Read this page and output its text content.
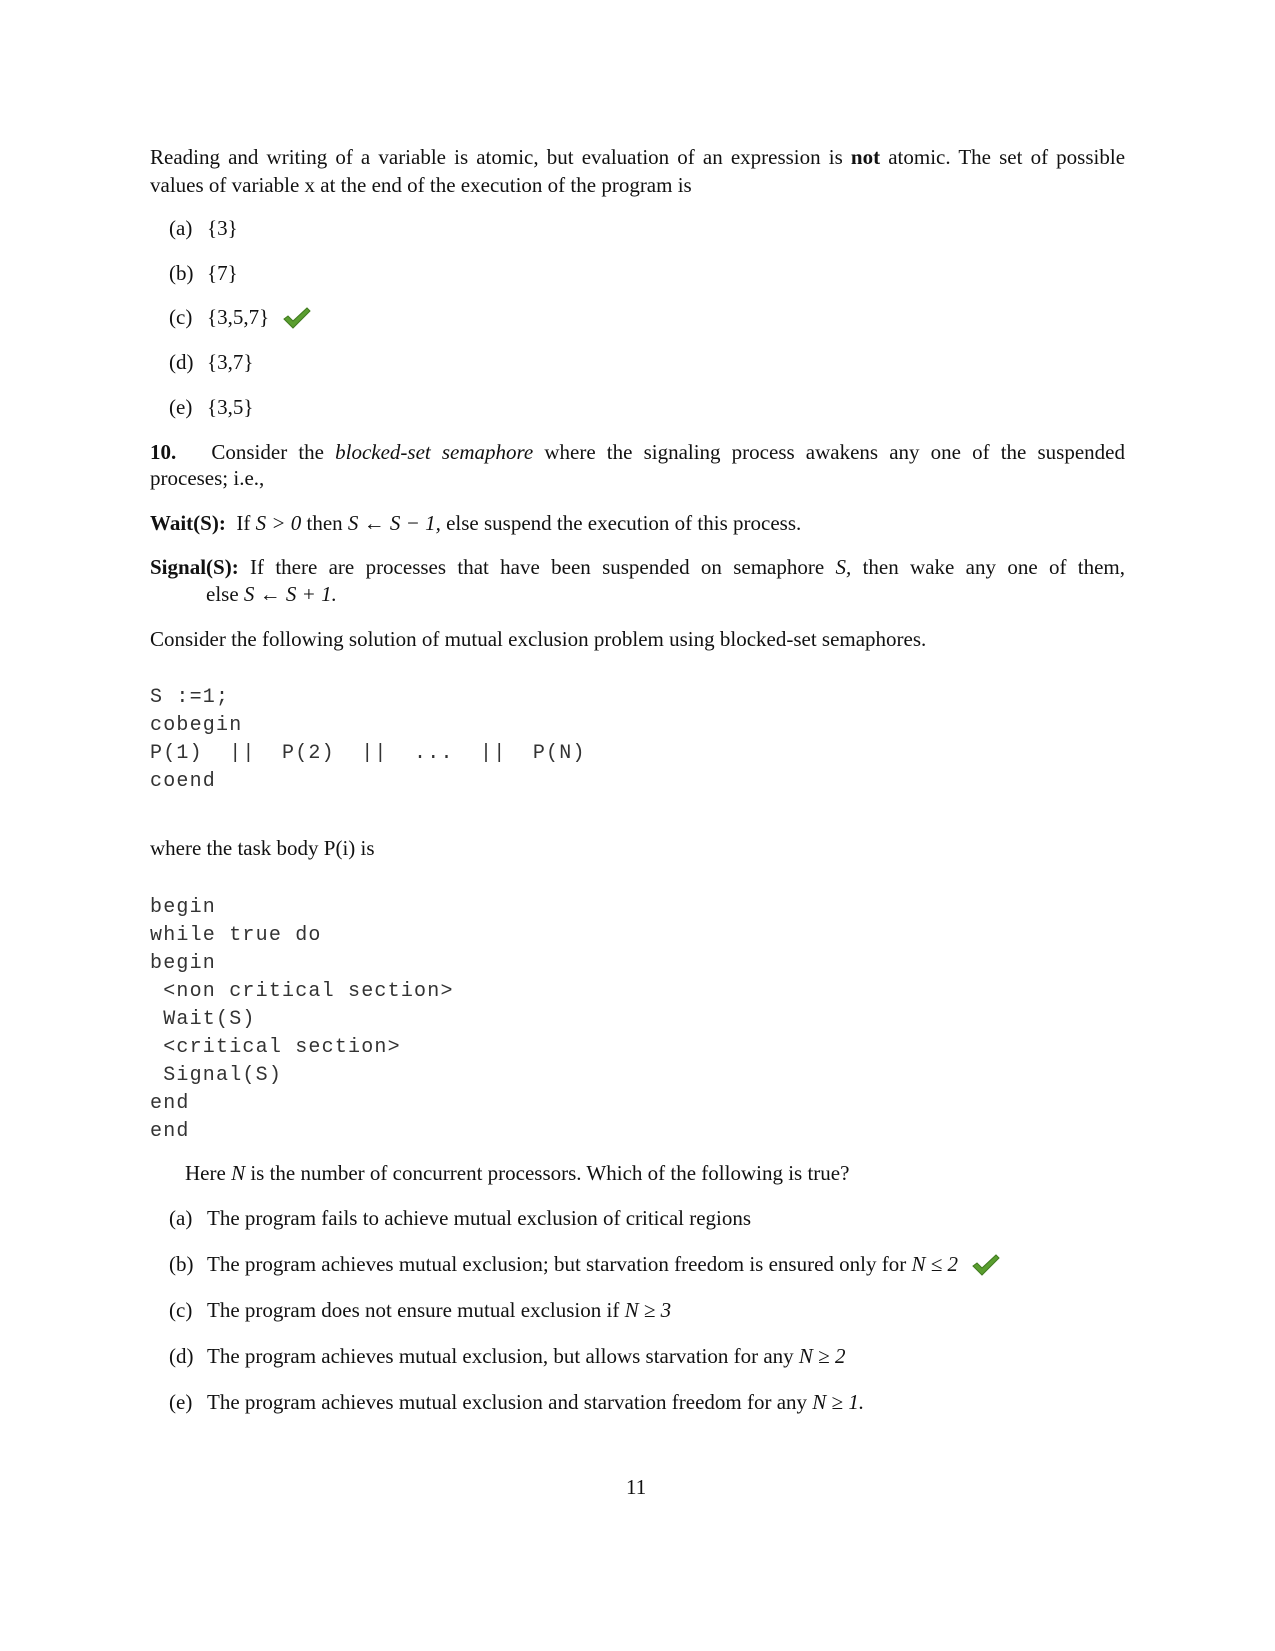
Reading and writing of a variable is atomic, but evaluation of an expression is not atomic. The set of possible
values of variable x at the end of the execution of the program is
(a) {3}
(b) {7}
(c) {3,5,7}
(d) {3,7}
(e) {3,5}
10. Consider the blocked-set semaphore where the signaling process awakens any one of the suspended
proceses; i.e.,
Wait(S): If S > 0 then S ← S − 1, else suspend the execution of this process.
Signal(S): If there are processes that have been suspended on semaphore S, then wake any one of them,
else S ← S + 1.
Consider the following solution of mutual exclusion problem using blocked-set semaphores.
S :=1;
cobegin
P(1)  ||  P(2)  ||  ...  ||  P(N)
coend
where the task body P(i) is
begin
while true do
begin
<non critical section>
Wait(S)
<critical section>
Signal(S)
end
end
Here N is the number of concurrent processors. Which of the following is true?
(a) The program fails to achieve mutual exclusion of critical regions
(b) The program achieves mutual exclusion; but starvation freedom is ensured only for N ≤ 2
(c) The program does not ensure mutual exclusion if N ≥ 3
(d) The program achieves mutual exclusion, but allows starvation for any N ≥ 2
(e) The program achieves mutual exclusion and starvation freedom for any N ≥ 1.
11
